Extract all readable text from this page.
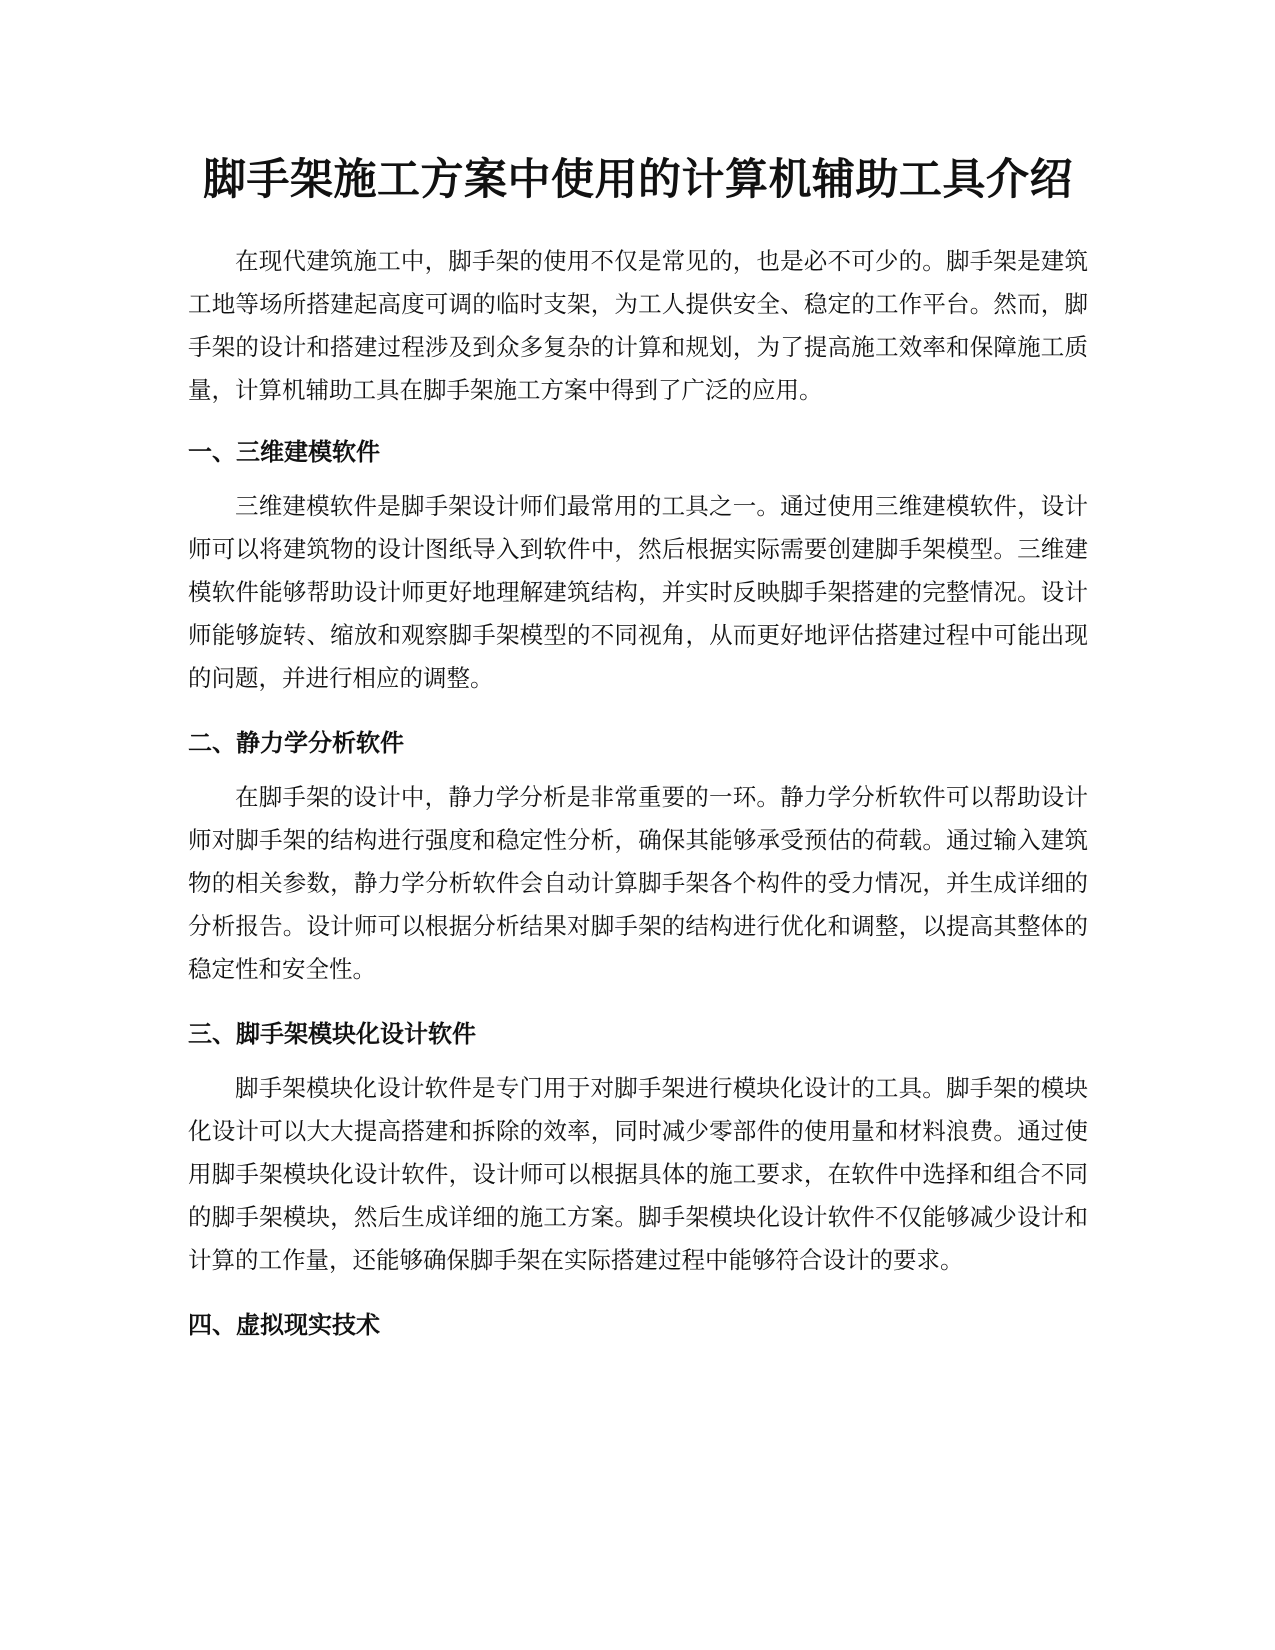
脚手架施工方案中使用的计算机辅助工具介绍

在现代建筑施工中，脚手架的使用不仅是常见的，也是必不可少的。脚手架是建筑工地等场所搭建起高度可调的临时支架，为工人提供安全、稳定的工作平台。然而，脚手架的设计和搭建过程涉及到众多复杂的计算和规划，为了提高施工效率和保障施工质量，计算机辅助工具在脚手架施工方案中得到了广泛的应用。

一、三维建模软件

三维建模软件是脚手架设计师们最常用的工具之一。通过使用三维建模软件，设计师可以将建筑物的设计图纸导入到软件中，然后根据实际需要创建脚手架模型。三维建模软件能够帮助设计师更好地理解建筑结构，并实时反映脚手架搭建的完整情况。设计师能够旋转、缩放和观察脚手架模型的不同视角，从而更好地评估搭建过程中可能出现的问题，并进行相应的调整。

二、静力学分析软件

在脚手架的设计中，静力学分析是非常重要的一环。静力学分析软件可以帮助设计师对脚手架的结构进行强度和稳定性分析，确保其能够承受预估的荷载。通过输入建筑物的相关参数，静力学分析软件会自动计算脚手架各个构件的受力情况，并生成详细的分析报告。设计师可以根据分析结果对脚手架的结构进行优化和调整，以提高其整体的稳定性和安全性。

三、脚手架模块化设计软件

脚手架模块化设计软件是专门用于对脚手架进行模块化设计的工具。脚手架的模块化设计可以大大提高搭建和拆除的效率，同时减少零部件的使用量和材料浪费。通过使用脚手架模块化设计软件，设计师可以根据具体的施工要求，在软件中选择和组合不同的脚手架模块，然后生成详细的施工方案。脚手架模块化设计软件不仅能够减少设计和计算的工作量，还能够确保脚手架在实际搭建过程中能够符合设计的要求。

四、虚拟现实技术
